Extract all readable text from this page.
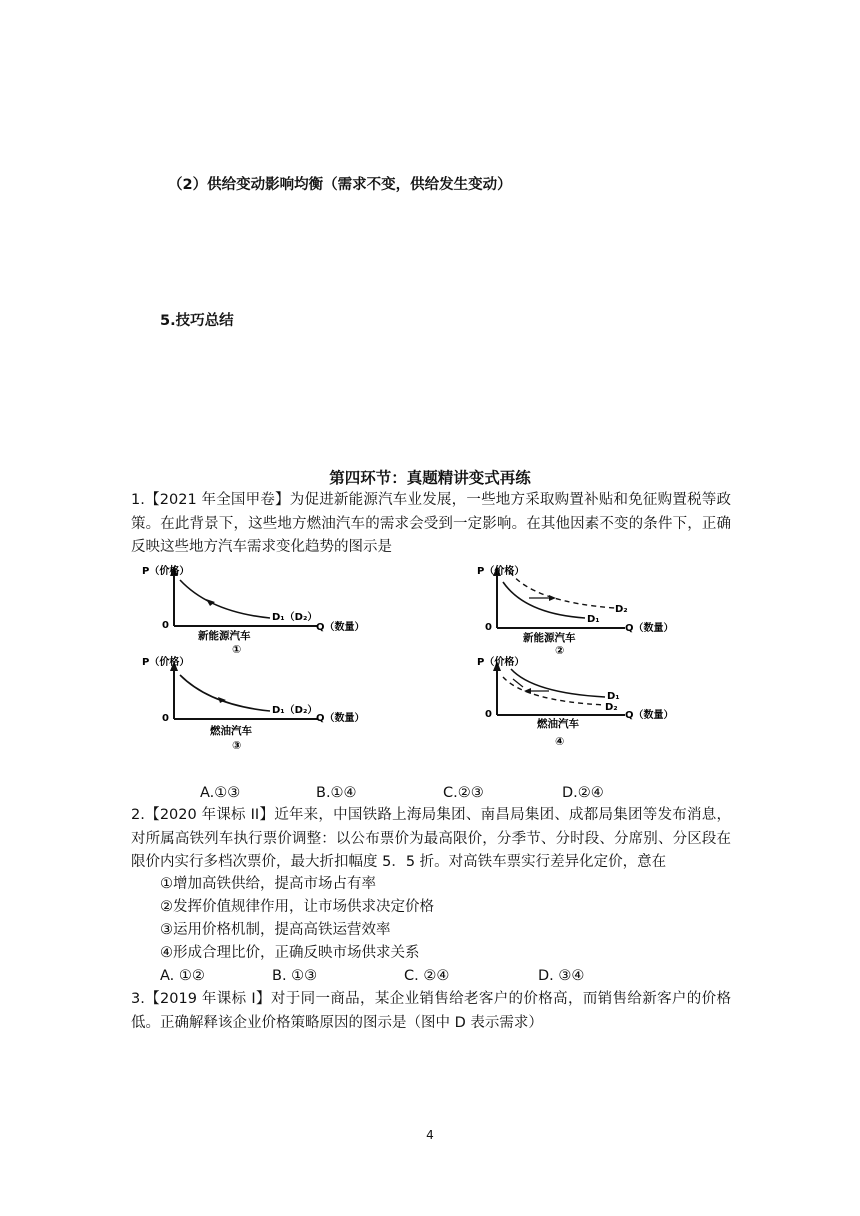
（2）供给变动影响均衡（需求不变，供给发生变动）
5.技巧总结
第四环节：真题精讲变式再练
1.【2021 年全国甲卷】为促进新能源汽车业发展，一些地方采取购置补贴和免征购置税等政策。在此背景下，这些地方燃油汽车的需求会受到一定影响。在其他因素不变的条件下，正确反映这些地方汽车需求变化趋势的图示是
P（价格）
0
D₁（D₂）
Q（数量）
新能源汽车
①
P（价格）
0
D₁
D₂
Q（数量）
新能源汽车
②
P（价格）
0
D₁（D₂）
Q（数量）
燃油汽车
③
P（价格）
0
D₁
D₂
Q（数量）
燃油汽车
④
A.①③	B.①④	C.②③	D.②④
2.【2020 年课标 II】近年来，中国铁路上海局集团、南昌局集团、成都局集团等发布消息，对所属高铁列车执行票价调整：以公布票价为最高限价，分季节、分时段、分席别、分区段在限价内实行多档次票价，最大折扣幅度 5．5 折。对高铁车票实行差异化定价，意在
①增加高铁供给，提高市场占有率
②发挥价值规律作用，让市场供求决定价格
③运用价格机制，提高高铁运营效率
④形成合理比价，正确反映市场供求关系
A. ①②	B. ①③	C. ②④	D. ③④
3.【2019 年课标 I】对于同一商品，某企业销售给老客户的价格高，而销售给新客户的价格低。正确解释该企业价格策略原因的图示是（图中 D 表示需求）
4
